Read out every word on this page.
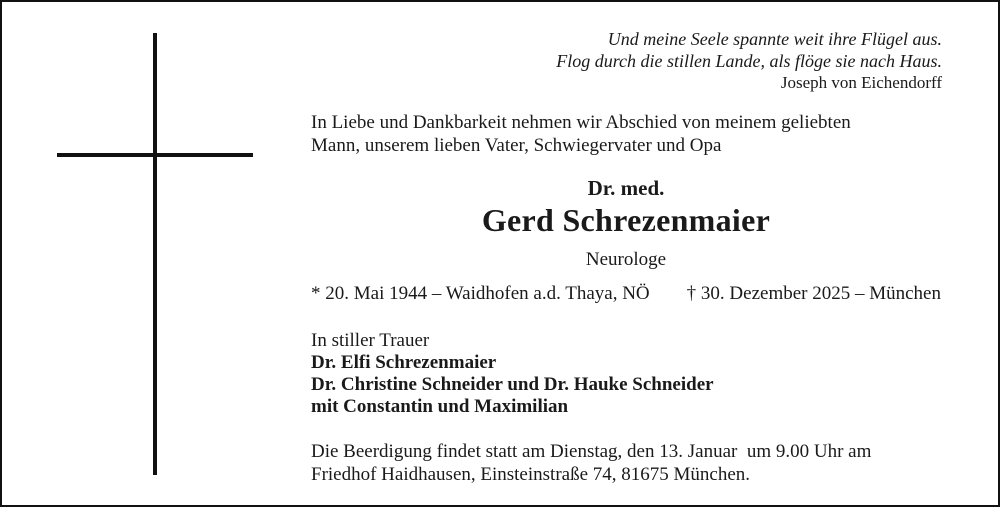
Und meine Seele spannte weit ihre Flügel aus.
Flog durch die stillen Lande, als flöge sie nach Haus.
Joseph von Eichendorff
In Liebe und Dankbarkeit nehmen wir Abschied von meinem geliebten
Mann, unserem lieben Vater, Schwiegervater und Opa
Dr. med.
Gerd Schrezenmaier
Neurologe
* 20. Mai 1944 – Waidhofen a.d. Thaya, NÖ † 30. Dezember 2025 – München
In stiller Trauer
Dr. Elfi Schrezenmaier
Dr. Christine Schneider und Dr. Hauke Schneider
mit Constantin und Maximilian
Die Beerdigung findet statt am Dienstag, den 13. Januar  um 9.00 Uhr am
Friedhof Haidhausen, Einsteinstraße 74, 81675 München.
